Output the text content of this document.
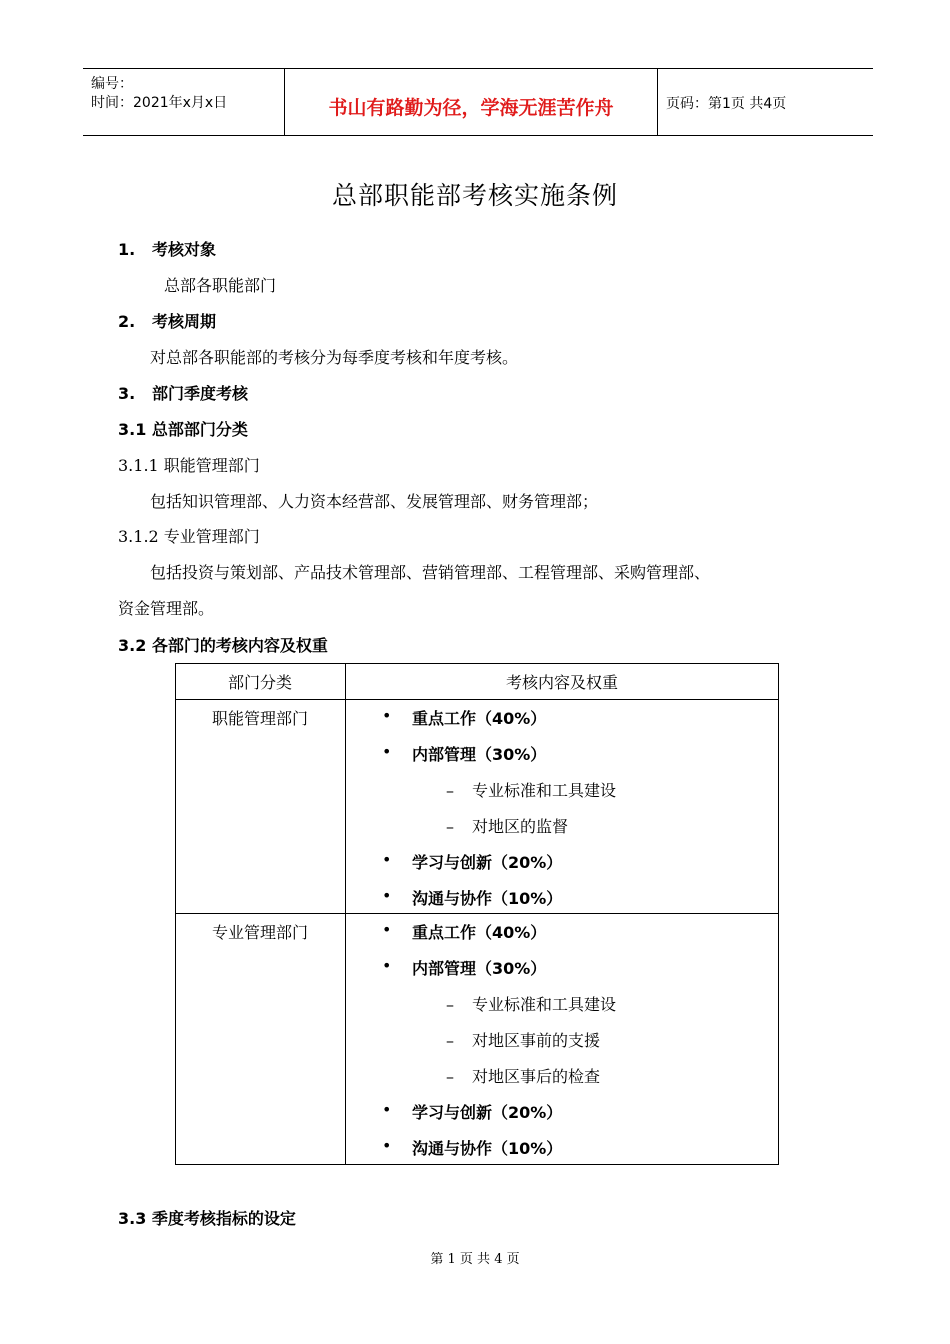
编号：
时间：2021年x月x日	书山有路勤为径，学海无涯苦作舟	页码：第1页 共4页
总部职能部考核实施条例
1. 考核对象
总部各职能部门
2. 考核周期
对总部各职能部的考核分为每季度考核和年度考核。
3. 部门季度考核
3.1 总部部门分类
3.1.1 职能管理部门
包括知识管理部、人力资本经营部、发展管理部、财务管理部；
3.1.2 专业管理部门
包括投资与策划部、产品技术管理部、营销管理部、工程管理部、采购管理部、
资金管理部。
3.2 各部门的考核内容及权重
部门分类	考核内容及权重
职能管理部门	• 重点工作（40%）
• 内部管理（30%）
– 专业标准和工具建设
– 对地区的监督
• 学习与创新（20%）
• 沟通与协作（10%）
专业管理部门	• 重点工作（40%）
• 内部管理（30%）
– 专业标准和工具建设
– 对地区事前的支援
– 对地区事后的检查
• 学习与创新（20%）
• 沟通与协作（10%）
3.3 季度考核指标的设定
第 1 页 共 4 页
